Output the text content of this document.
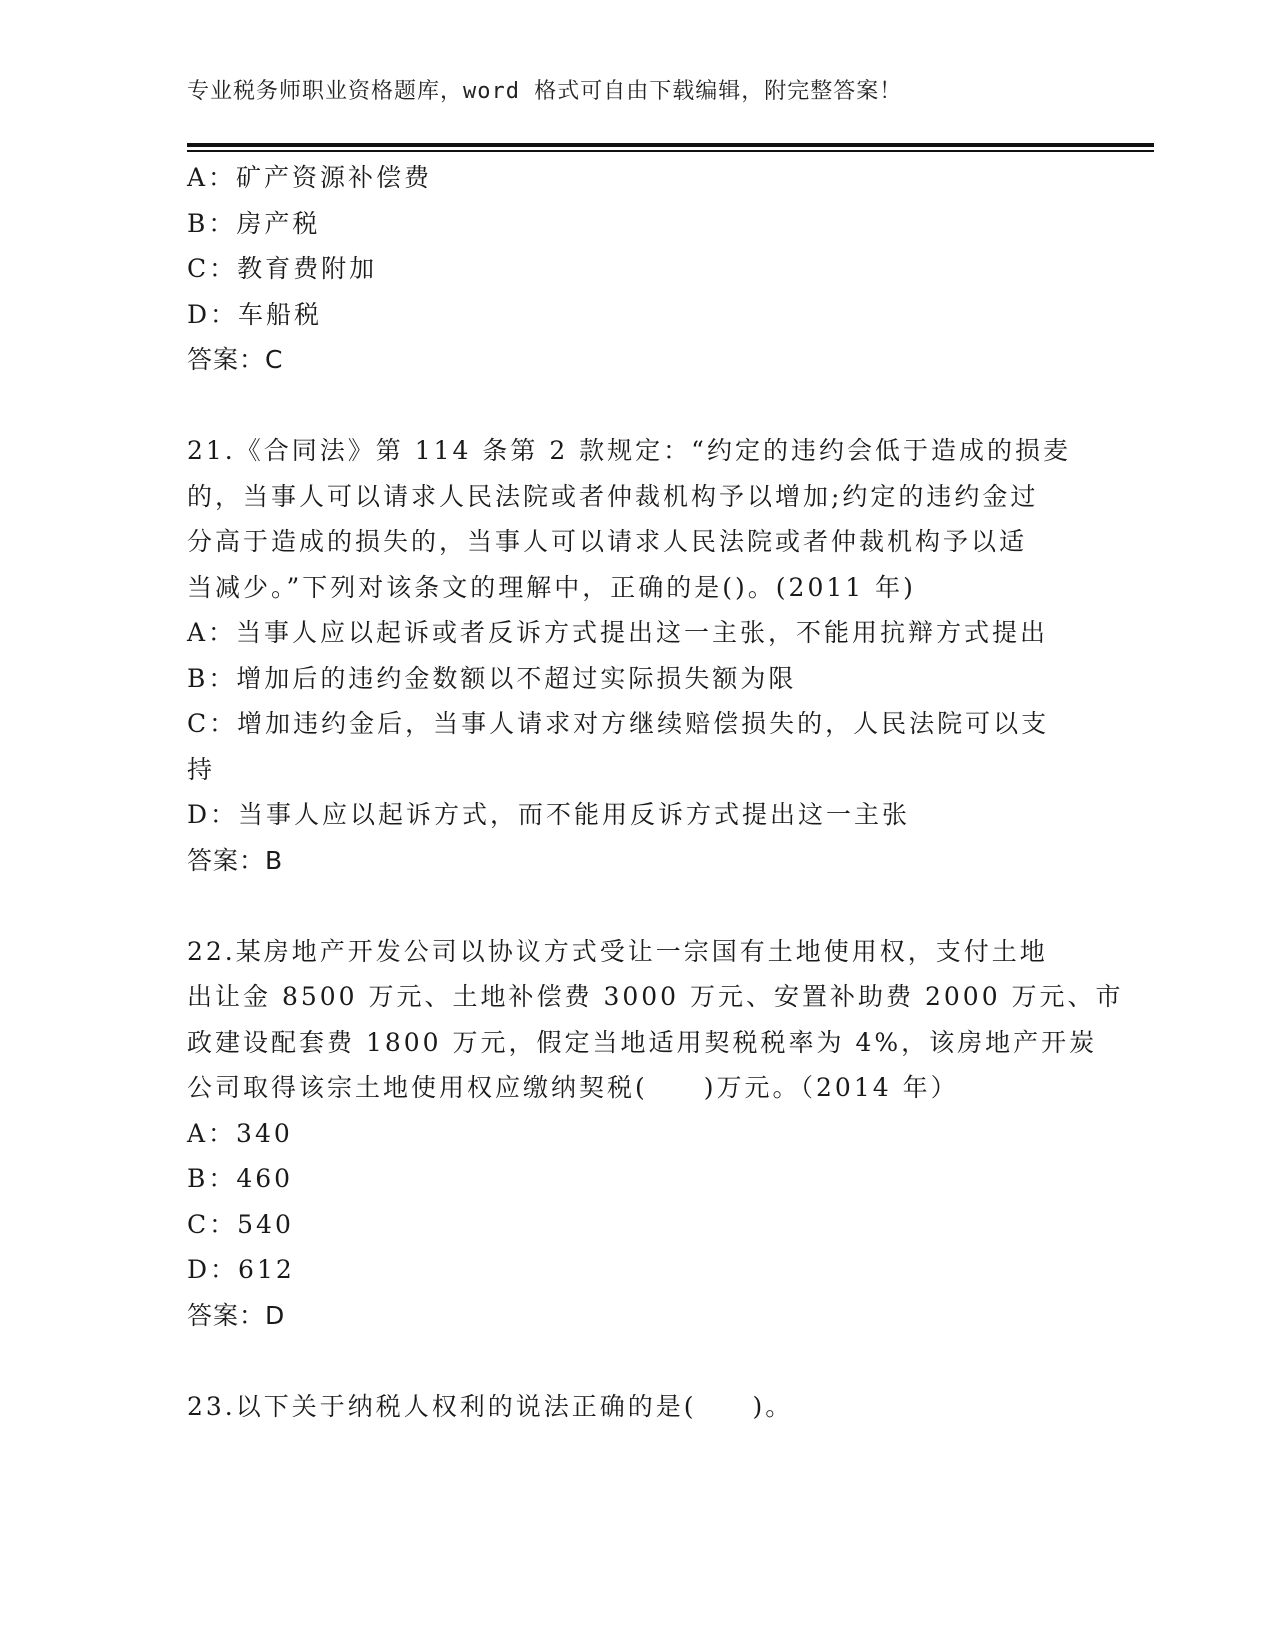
专业税务师职业资格题库，word 格式可自由下载编辑，附完整答案！
A：矿产资源补偿费
B：房产税
C：教育费附加
D：车船税
答案：C
21.《合同法》第 114 条第 2 款规定：“约定的违约会低于造成的损麦
的，当事人可以请求人民法院或者仲裁机构予以增加;约定的违约金过
分高于造成的损失的，当事人可以请求人民法院或者仲裁机构予以适
当减少。”下列对该条文的理解中，正确的是()。(2011 年)
A：当事人应以起诉或者反诉方式提出这一主张，不能用抗辩方式提出
B：增加后的违约金数额以不超过实际损失额为限
C：增加违约金后，当事人请求对方继续赔偿损失的，人民法院可以支
持
D：当事人应以起诉方式，而不能用反诉方式提出这一主张
答案：B
22.某房地产开发公司以协议方式受让一宗国有土地使用权，支付土地
出让金 8500 万元、土地补偿费 3000 万元、安置补助费 2000 万元、市
政建设配套费 1800 万元，假定当地适用契税税率为 4%，该房地产开炭
公司取得该宗土地使用权应缴纳契税(　　)万元。（2014 年）
A：340
B：460
C：540
D：612
答案：D
23.以下关于纳税人权利的说法正确的是(　　)。
